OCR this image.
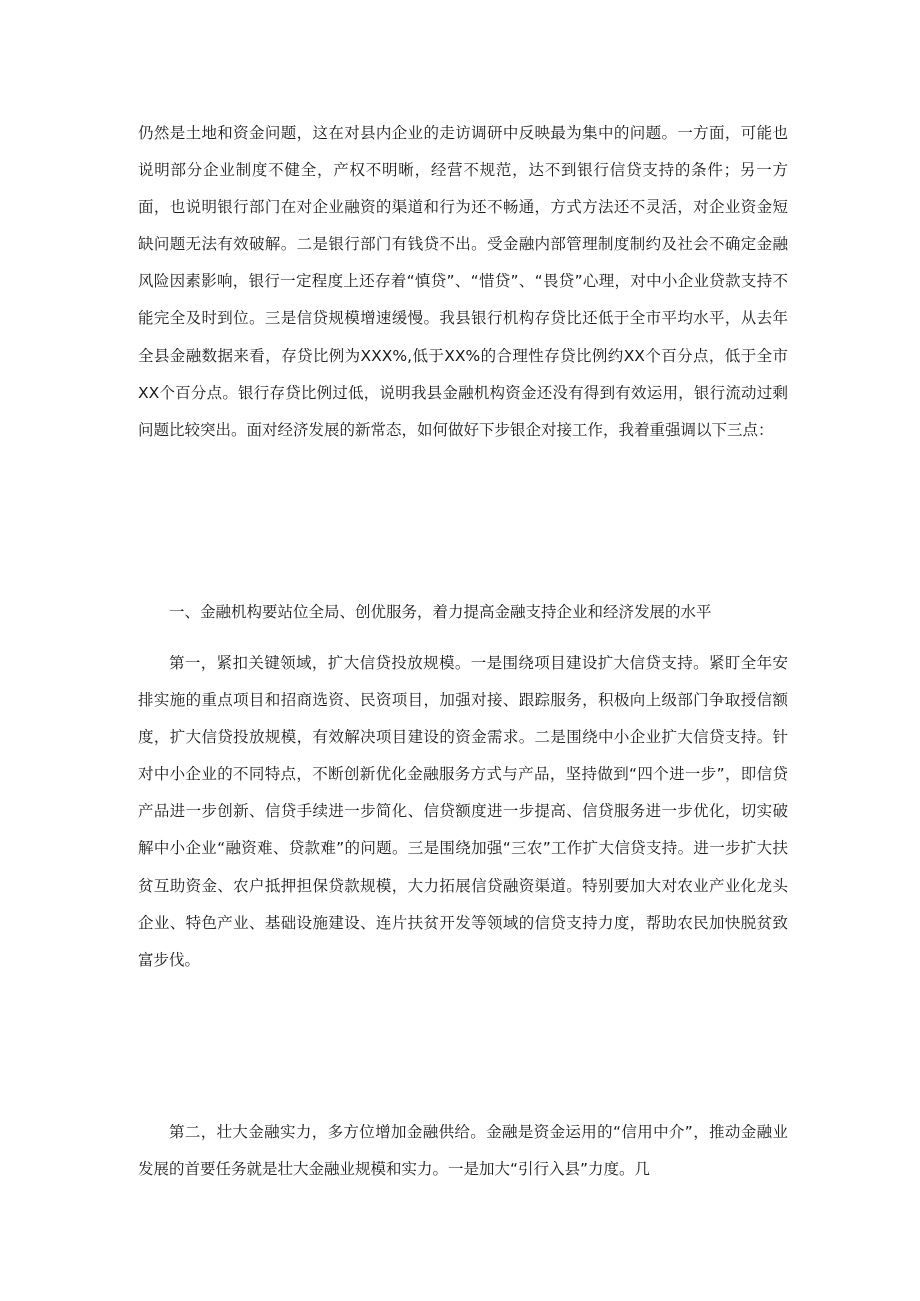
仍然是土地和资金问题，这在对县内企业的走访调研中反映最为集中的问题。一方面，可能也说明部分企业制度不健全，产权不明晰，经营不规范，达不到银行信贷支持的条件；另一方面，也说明银行部门在对企业融资的渠道和行为还不畅通，方式方法还不灵活，对企业资金短缺问题无法有效破解。二是银行部门有钱贷不出。受金融内部管理制度制约及社会不确定金融风险因素影响，银行一定程度上还存着“慎贷”、“惜贷”、“畏贷”心理，对中小企业贷款支持不能完全及时到位。三是信贷规模增速缓慢。我县银行机构存贷比还低于全市平均水平，从去年全县金融数据来看，存贷比例为XXX%,低于XX%的合理性存贷比例约XX个百分点，低于全市XX个百分点。银行存贷比例过低，说明我县金融机构资金还没有得到有效运用，银行流动过剩问题比较突出。面对经济发展的新常态，如何做好下步银企对接工作，我着重强调以下三点：

一、金融机构要站位全局、创优服务，着力提高金融支持企业和经济发展的水平

第一，紧扣关键领域，扩大信贷投放规模。一是围绕项目建设扩大信贷支持。紧盯全年安排实施的重点项目和招商选资、民资项目，加强对接、跟踪服务，积极向上级部门争取授信额度，扩大信贷投放规模，有效解决项目建设的资金需求。二是围绕中小企业扩大信贷支持。针对中小企业的不同特点，不断创新优化金融服务方式与产品，坚持做到“四个进一步”，即信贷产品进一步创新、信贷手续进一步简化、信贷额度进一步提高、信贷服务进一步优化，切实破解中小企业“融资难、贷款难”的问题。三是围绕加强“三农”工作扩大信贷支持。进一步扩大扶贫互助资金、农户抵押担保贷款规模，大力拓展信贷融资渠道。特别要加大对农业产业化龙头企业、特色产业、基础设施建设、连片扶贫开发等领域的信贷支持力度，帮助农民加快脱贫致富步伐。

第二，壮大金融实力，多方位增加金融供给。金融是资金运用的“信用中介”，推动金融业发展的首要任务就是壮大金融业规模和实力。一是加大“引行入县”力度。几
